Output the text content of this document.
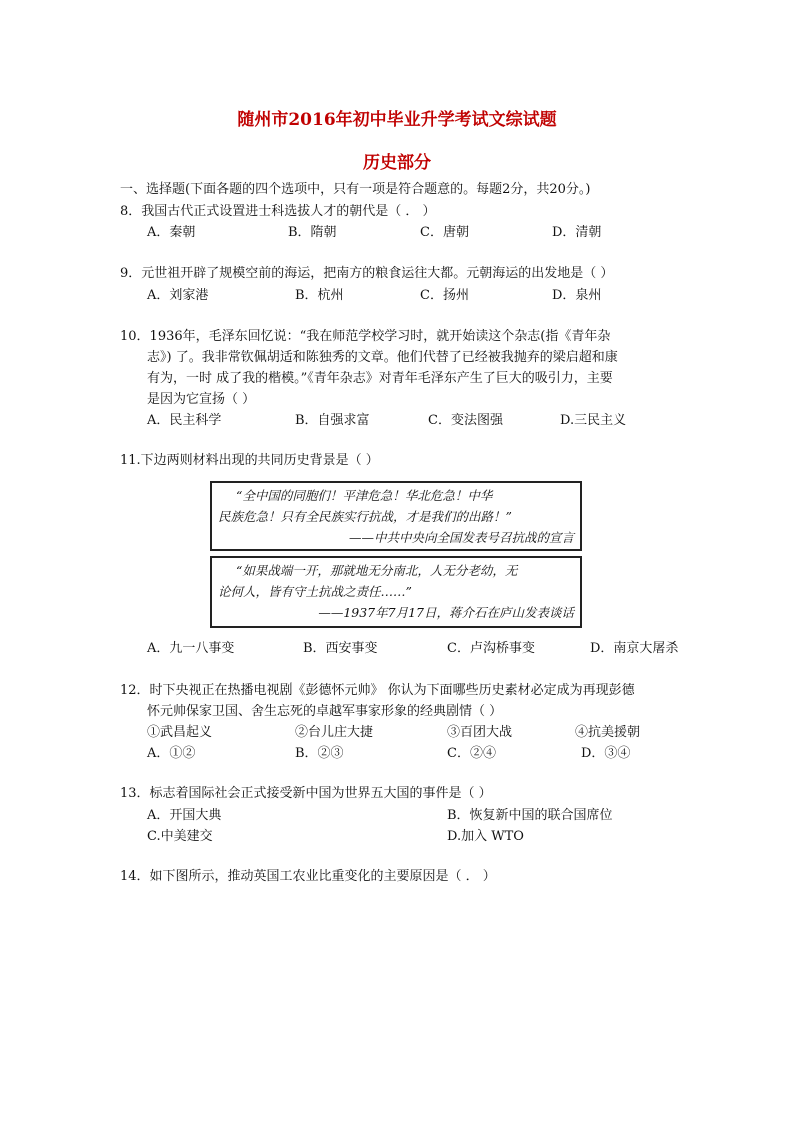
随州市2016年初中毕业升学考试文综试题
历史部分
一、选择题(下面各题的四个选项中，只有一项是符合题意的。每题2分，共20分。)
8．我国古代正式设置进士科选拔人才的朝代是（ ． ）
A．秦朝	B．隋朝	C．唐朝	D．清朝
9．元世祖开辟了规模空前的海运，把南方的粮食运往大都。元朝海运的出发地是（ ）
A．刘家港	B．杭州	C．扬州	D．泉州
10．1936年，毛泽东回忆说：“我在师范学校学习时，就开始读这个杂志(指《青年杂
志》) 了。我非常钦佩胡适和陈独秀的文章。他们代替了已经被我抛弃的梁启超和康
有为，一时 成了我的楷模。”《青年杂志》对青年毛泽东产生了巨大的吸引力，主要
是因为它宣扬（ ）
A．民主科学	B．自强求富	C．变法图强	D.三民主义
11.下边两则材料出现的共同历史背景是（ ）
“全中国的同胞们！平津危急！华北危急！中华
民族危急！只有全民族实行抗战，才是我们的出路！”
——中共中央向全国发表号召抗战的宣言
“如果战端一开，那就地无分南北，人无分老幼，无
论何人，皆有守土抗战之责任……”
——1937年7月17日，蒋介石在庐山发表谈话
A．九一八事变	B．西安事变	C．卢沟桥事变	D．南京大屠杀
12．时下央视正在热播电视剧《彭德怀元帅》 你认为下面哪些历史素材必定成为再现彭德
怀元帅保家卫国、舍生忘死的卓越军事家形象的经典剧情（ ）
①武昌起义	②台儿庄大捷	③百团大战	④抗美援朝
A．①②	B．②③	C．②④	D．③④
13．标志着国际社会正式接受新中国为世界五大国的事件是（ ）
A．开国大典	B．恢复新中国的联合国席位
C.中美建交	D.加入 WTO
14．如下图所示，推动英国工农业比重变化的主要原因是（ ． ）
